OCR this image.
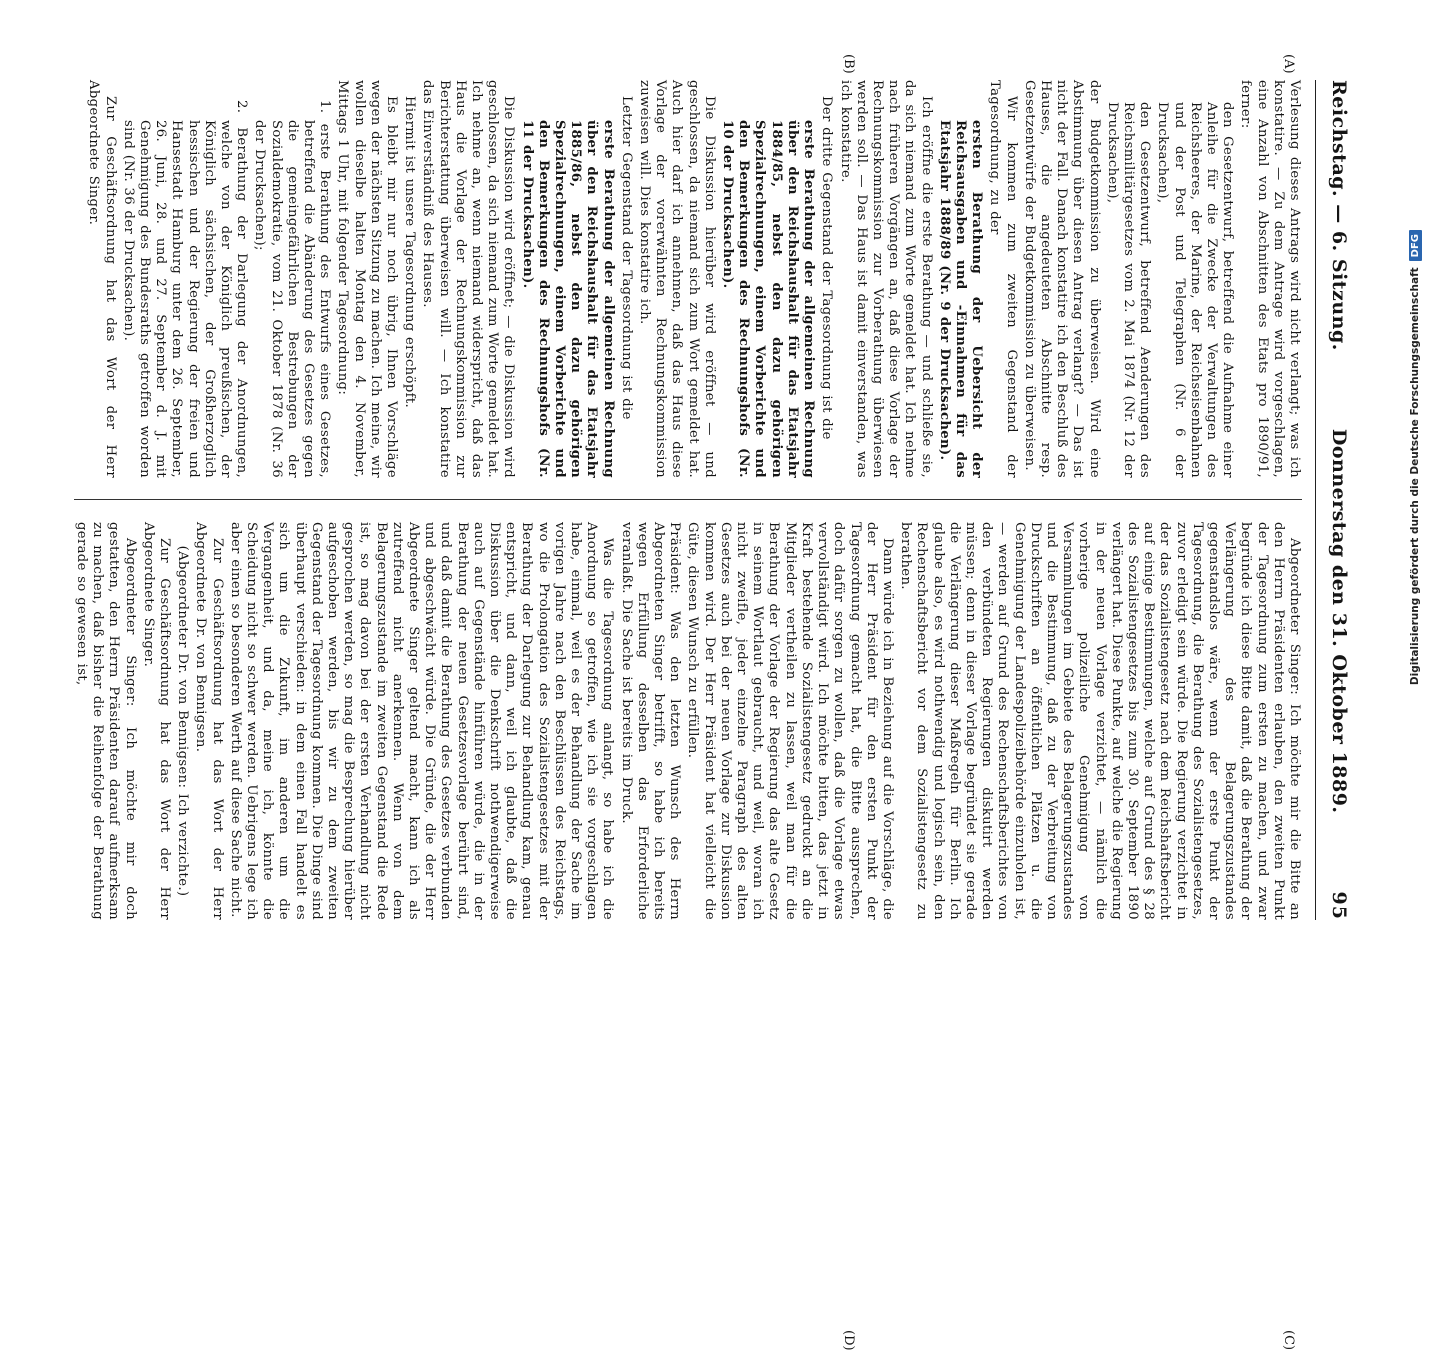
Reichstag. — 6. Sitzung.
Donnerstag den 31. Oktober 1889.
95
(A)
(B)
(C)
(D)

Verlesung dieses Antrags wird nicht verlangt; was ich konstatire. — Zu dem Antrage wird vorgeschlagen, eine Anzahl von Abschnitten des Etats pro 1890/91, ferner:

den Gesetzentwurf, betreffend die Aufnahme einer Anleihe für die Zwecke der Verwaltungen des Reichsheeres, der Marine, der Reichseisenbahnen und der Post und Telegraphen (Nr. 6 der Drucksachen),

den Gesetzentwurf, betreffend Aenderungen des Reichsmilitärgesetzes vom 2. Mai 1874 (Nr. 12 der Drucksachen),

der Budgetkommission zu überweisen. Wird eine Abstimmung über diesen Antrag verlangt? — Das ist nicht der Fall. Danach konstatire ich den Beschluß des Hauses, die angedeuteten Abschnitte resp. Gesetzentwürfe der Budgetkommission zu überweisen.

Wir kommen zum zweiten Gegenstand der Tagesordnung, zu der

ersten Berathung der Uebersicht der Reichsausgaben und -Einnahmen für das Etatsjahr 1888/89 (Nr. 9 der Drucksachen).

Ich eröffne die erste Berathung — und schließe sie, da sich niemand zum Worte gemeldet hat. Ich nehme nach früheren Vorgängen an, daß diese Vorlage der Rechnungskommission zur Vorberathung überwiesen werden soll. — Das Haus ist damit einverstanden, was ich konstatire.

Der dritte Gegenstand der Tagesordnung ist die

erste Berathung der allgemeinen Rechnung über den Reichshaushalt für das Etatsjahr 1884/85, nebst den dazu gehörigen Spezialrechnungen, einem Vorberichte und den Bemerkungen des Rechnungshofs (Nr. 10 der Drucksachen).

Die Diskussion hierüber wird eröffnet — und geschlossen, da niemand sich zum Wort gemeldet hat. Auch hier darf ich annehmen, daß das Haus diese Vorlage der vorerwähnten Rechnungskommission zuweisen will. Dies konstatire ich.

Letzter Gegenstand der Tagesordnung ist die

erste Berathung der allgemeinen Rechnung über den Reichshaushalt für das Etatsjahr 1885/86, nebst den dazu gehörigen Spezialrechnungen, einem Vorberichte und den Bemerkungen des Rechnungshofs (Nr. 11 der Drucksachen).

Die Diskussion wird eröffnet; — die Diskussion wird geschlossen, da sich niemand zum Worte gemeldet hat. Ich nehme an, wenn niemand widerspricht, daß das Haus die Vorlage der Rechnungskommission zur Berichterstattung überweisen will. — Ich konstatire das Einverständniß des Hauses.

Hiermit ist unsere Tagesordnung erschöpft.

Es bleibt mir nur noch übrig, Ihnen Vorschläge wegen der nächsten Sitzung zu machen. Ich meine, wir wollen dieselbe halten Montag den 4. November, Mittags 1 Uhr, mit folgender Tagesordnung:

1. erste Berathung des Entwurfs eines Gesetzes, betreffend die Abänderung des Gesetzes gegen die gemeingefährlichen Bestrebungen der Sozialdemokratie, vom 21. Oktober 1878 (Nr. 36 der Drucksachen);

2. Berathung der Darlegung der Anordnungen, welche von der Königlich preußischen, der Königlich sächsischen, der Großherzoglich hessischen und der Regierung der freien und Hansestadt Hamburg unter dem 26. September, 26. Juni, 28. und 27. September d. J. mit Genehmigung des Bundesraths getroffen worden sind (Nr. 36 der Drucksachen).

Zur Geschäftsordnung hat das Wort der Herr Abgeordnete Singer.

Abgeordneter Singer: Ich möchte mir die Bitte an den Herrn Präsidenten erlauben, den zweiten Punkt der Tagesordnung zum ersten zu machen, und zwar begründe ich diese Bitte damit, daß die Berathung der Verlängerung des Belagerungszustandes gegenstandslos wäre, wenn der erste Punkt der Tagesordnung, die Berathung des Sozialistengesetzes, zuvor erledigt sein würde. Die Regierung verzichtet in der das Sozialistengesetz nach dem Reichshaftsbericht auf einige Bestimmungen, welche auf Grund des § 28 des Sozialistengesetzes bis zum 30. September 1890 verlängert hat. Diese Punkte, auf welche die Regierung in der neuen Vorlage verzichtet, — nämlich die vorherige polizeiliche Genehmigung von Versammlungen im Gebiete des Belagerungszustandes und die Bestimmung, daß zu der Verbreitung von Druckschriften an öffentlichen Plätzen u. die Genehmigung der Landespolizeibehörde einzuholen ist, — werden auf Grund des Rechenschaftsberichtes von den verbündeten Regierungen diskutirt werden müssen; denn in dieser Vorlage begründet sie gerade die Verlängerung dieser Maßregeln für Berlin. Ich glaube also, es wird nothwendig und logisch sein, den Rechenschaftsbericht vor dem Sozialistengesetz zu berathen.

Dann würde ich in Beziehung auf die Vorschläge, die der Herr Präsident für den ersten Punkt der Tagesordnung gemacht hat, die Bitte aussprechen, doch dafür sorgen zu wollen, daß die Vorlage etwas vervollständigt wird. Ich möchte bitten, das jetzt in Kraft bestehende Sozialistengesetz gedruckt an die Mitglieder vertheilen zu lassen, weil man für die Berathung der Vorlage der Regierung das alte Gesetz in seinem Wortlaut gebraucht, und weil, woran ich nicht zweifle, jeder einzelne Paragraph des alten Gesetzes auch bei der neuen Vorlage zur Diskussion kommen wird. Der Herr Präsident hat vielleicht die Güte, diesen Wunsch zu erfüllen.

Präsident: Was den letzten Wunsch des Herrn Abgeordneten Singer betrifft, so habe ich bereits wegen Erfüllung desselben das Erforderliche veranlaßt. Die Sache ist bereits im Druck.

Was die Tagesordnung anlangt, so habe ich die Anordnung so getroffen, wie ich sie vorgeschlagen habe, einmal, weil es der Behandlung der Sache im vorigen Jahre nach den Beschlüssen des Reichstags, wo die Prolongation des Sozialistengesetzes mit der Berathung der Darlegung zur Behandlung kam, genau entspricht, und dann, weil ich glaubte, daß die Diskussion über die Denkschrift nothwendigerweise auch auf Gegenstände hinführen würde, die in der Berathung der neuen Gesetzesvorlage berührt sind, und daß damit die Berathung des Gesetzes verbunden und abgeschwächt würde. Die Gründe, die der Herr Abgeordnete Singer geltend macht, kann ich als zutreffend nicht anerkennen. Wenn von dem Belagerungszustande im zweiten Gegenstand die Rede ist, so mag davon bei der ersten Verhandlung nicht gesprochen werden, so mag die Besprechung hierüber aufgeschoben werden, bis wir zu dem zweiten Gegenstand der Tagesordnung kommen. Die Dinge sind überhaupt verschieden: in dem einen Fall handelt es sich um die Zukunft, im anderen um die Vergangenheit, und da, meine ich, könnte die Scheidung nicht so schwer werden. Uebrigens lege ich aber einen so besonderen Werth auf diese Sache nicht.

Zur Geschäftsordnung hat das Wort der Herr Abgeordnete Dr. von Bennigsen.

(Abgeordneter Dr. von Bennigsen: Ich verzichte.)

Zur Geschäftsordnung hat das Wort der Herr Abgeordnete Singer.

Abgeordneter Singer: Ich möchte mir doch gestatten, den Herrn Präsidenten darauf aufmerksam zu machen, daß bisher die Reihenfolge der Berathung gerade so gewesen ist,	Digitalisierung gefördert durch die Deutsche Forschungsgemeinschaft
DFG
